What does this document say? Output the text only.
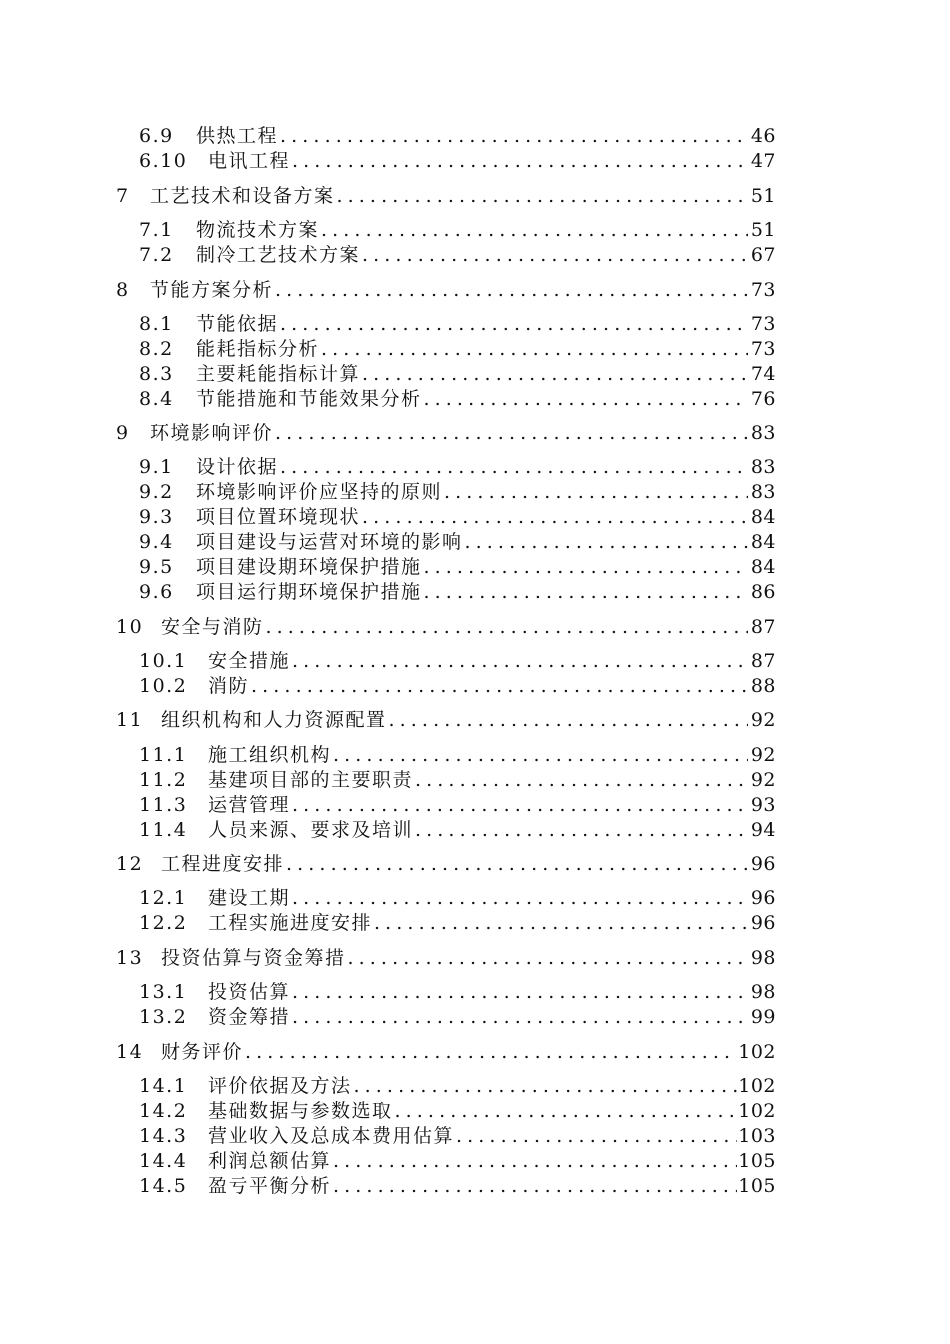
6.9 供热工程 .....	46
6.10 电讯工程 .....	47
7 工艺技术和设备方案 .....	51
7.1 物流技术方案 .....	51
7.2 制冷工艺技术方案 .....	67
8 节能方案分析 .....	73
8.1 节能依据 .....	73
8.2 能耗指标分析 .....	73
8.3 主要耗能指标计算 .....	74
8.4 节能措施和节能效果分析 .....	76
9 环境影响评价 .....	83
9.1 设计依据 .....	83
9.2 环境影响评价应坚持的原则 .....	83
9.3 项目位置环境现状 .....	84
9.4 项目建设与运营对环境的影响 .....	84
9.5 项目建设期环境保护措施 .....	84
9.6 项目运行期环境保护措施 .....	86
10 安全与消防 .....	87
10.1 安全措施 .....	87
10.2 消防 .....	88
11 组织机构和人力资源配置 .....	92
11.1 施工组织机构 .....	92
11.2 基建项目部的主要职责 .....	92
11.3 运营管理 .....	93
11.4 人员来源、要求及培训 .....	94
12 工程进度安排 .....	96
12.1 建设工期 .....	96
12.2 工程实施进度安排 .....	96
13 投资估算与资金筹措 .....	98
13.1 投资估算 .....	98
13.2 资金筹措 .....	99
14 财务评价 .....	102
14.1 评价依据及方法 .....	102
14.2 基础数据与参数选取 .....	102
14.3 营业收入及总成本费用估算 .....	103
14.4 利润总额估算 .....	105
14.5 盈亏平衡分析 .....	105
